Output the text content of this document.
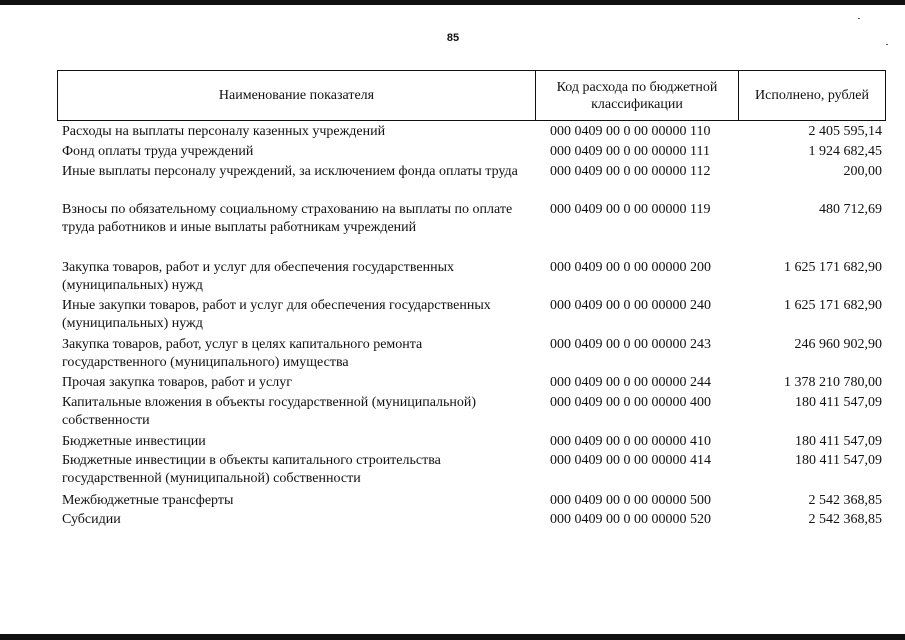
85
Наименование показателя
Код расхода по бюджетной классификации
Исполнено, рублей
Расходы на выплаты персоналу казенных учреждений	000 0409 00 0 00 00000 110	2 405 595,14
Фонд оплаты труда учреждений	000 0409 00 0 00 00000 111	1 924 682,45
Иные выплаты персоналу учреждений, за исключением фонда оплаты труда	000 0409 00 0 00 00000 112	200,00
Взносы по обязательному социальному страхованию на выплаты по оплате труда работников и иные выплаты работникам учреждений
000 0409 00 0 00 00000 119	480 712,69
Закупка товаров, работ и услуг для обеспечения государственных (муниципальных) нужд
000 0409 00 0 00 00000 200	1 625 171 682,90
Иные закупки товаров, работ и услуг для обеспечения государственных (муниципальных) нужд
000 0409 00 0 00 00000 240	1 625 171 682,90
Закупка товаров, работ, услуг в целях капитального ремонта государственного (муниципального) имущества
000 0409 00 0 00 00000 243	246 960 902,90
Прочая закупка товаров, работ и услуг	000 0409 00 0 00 00000 244	1 378 210 780,00
Капитальные вложения в объекты государственной (муниципальной) собственности
000 0409 00 0 00 00000 400	180 411 547,09
Бюджетные инвестиции	000 0409 00 0 00 00000 410	180 411 547,09
Бюджетные инвестиции в объекты капитального строительства государственной (муниципальной) собственности
000 0409 00 0 00 00000 414	180 411 547,09
Межбюджетные трансферты	000 0409 00 0 00 00000 500	2 542 368,85
Субсидии	000 0409 00 0 00 00000 520	2 542 368,85
